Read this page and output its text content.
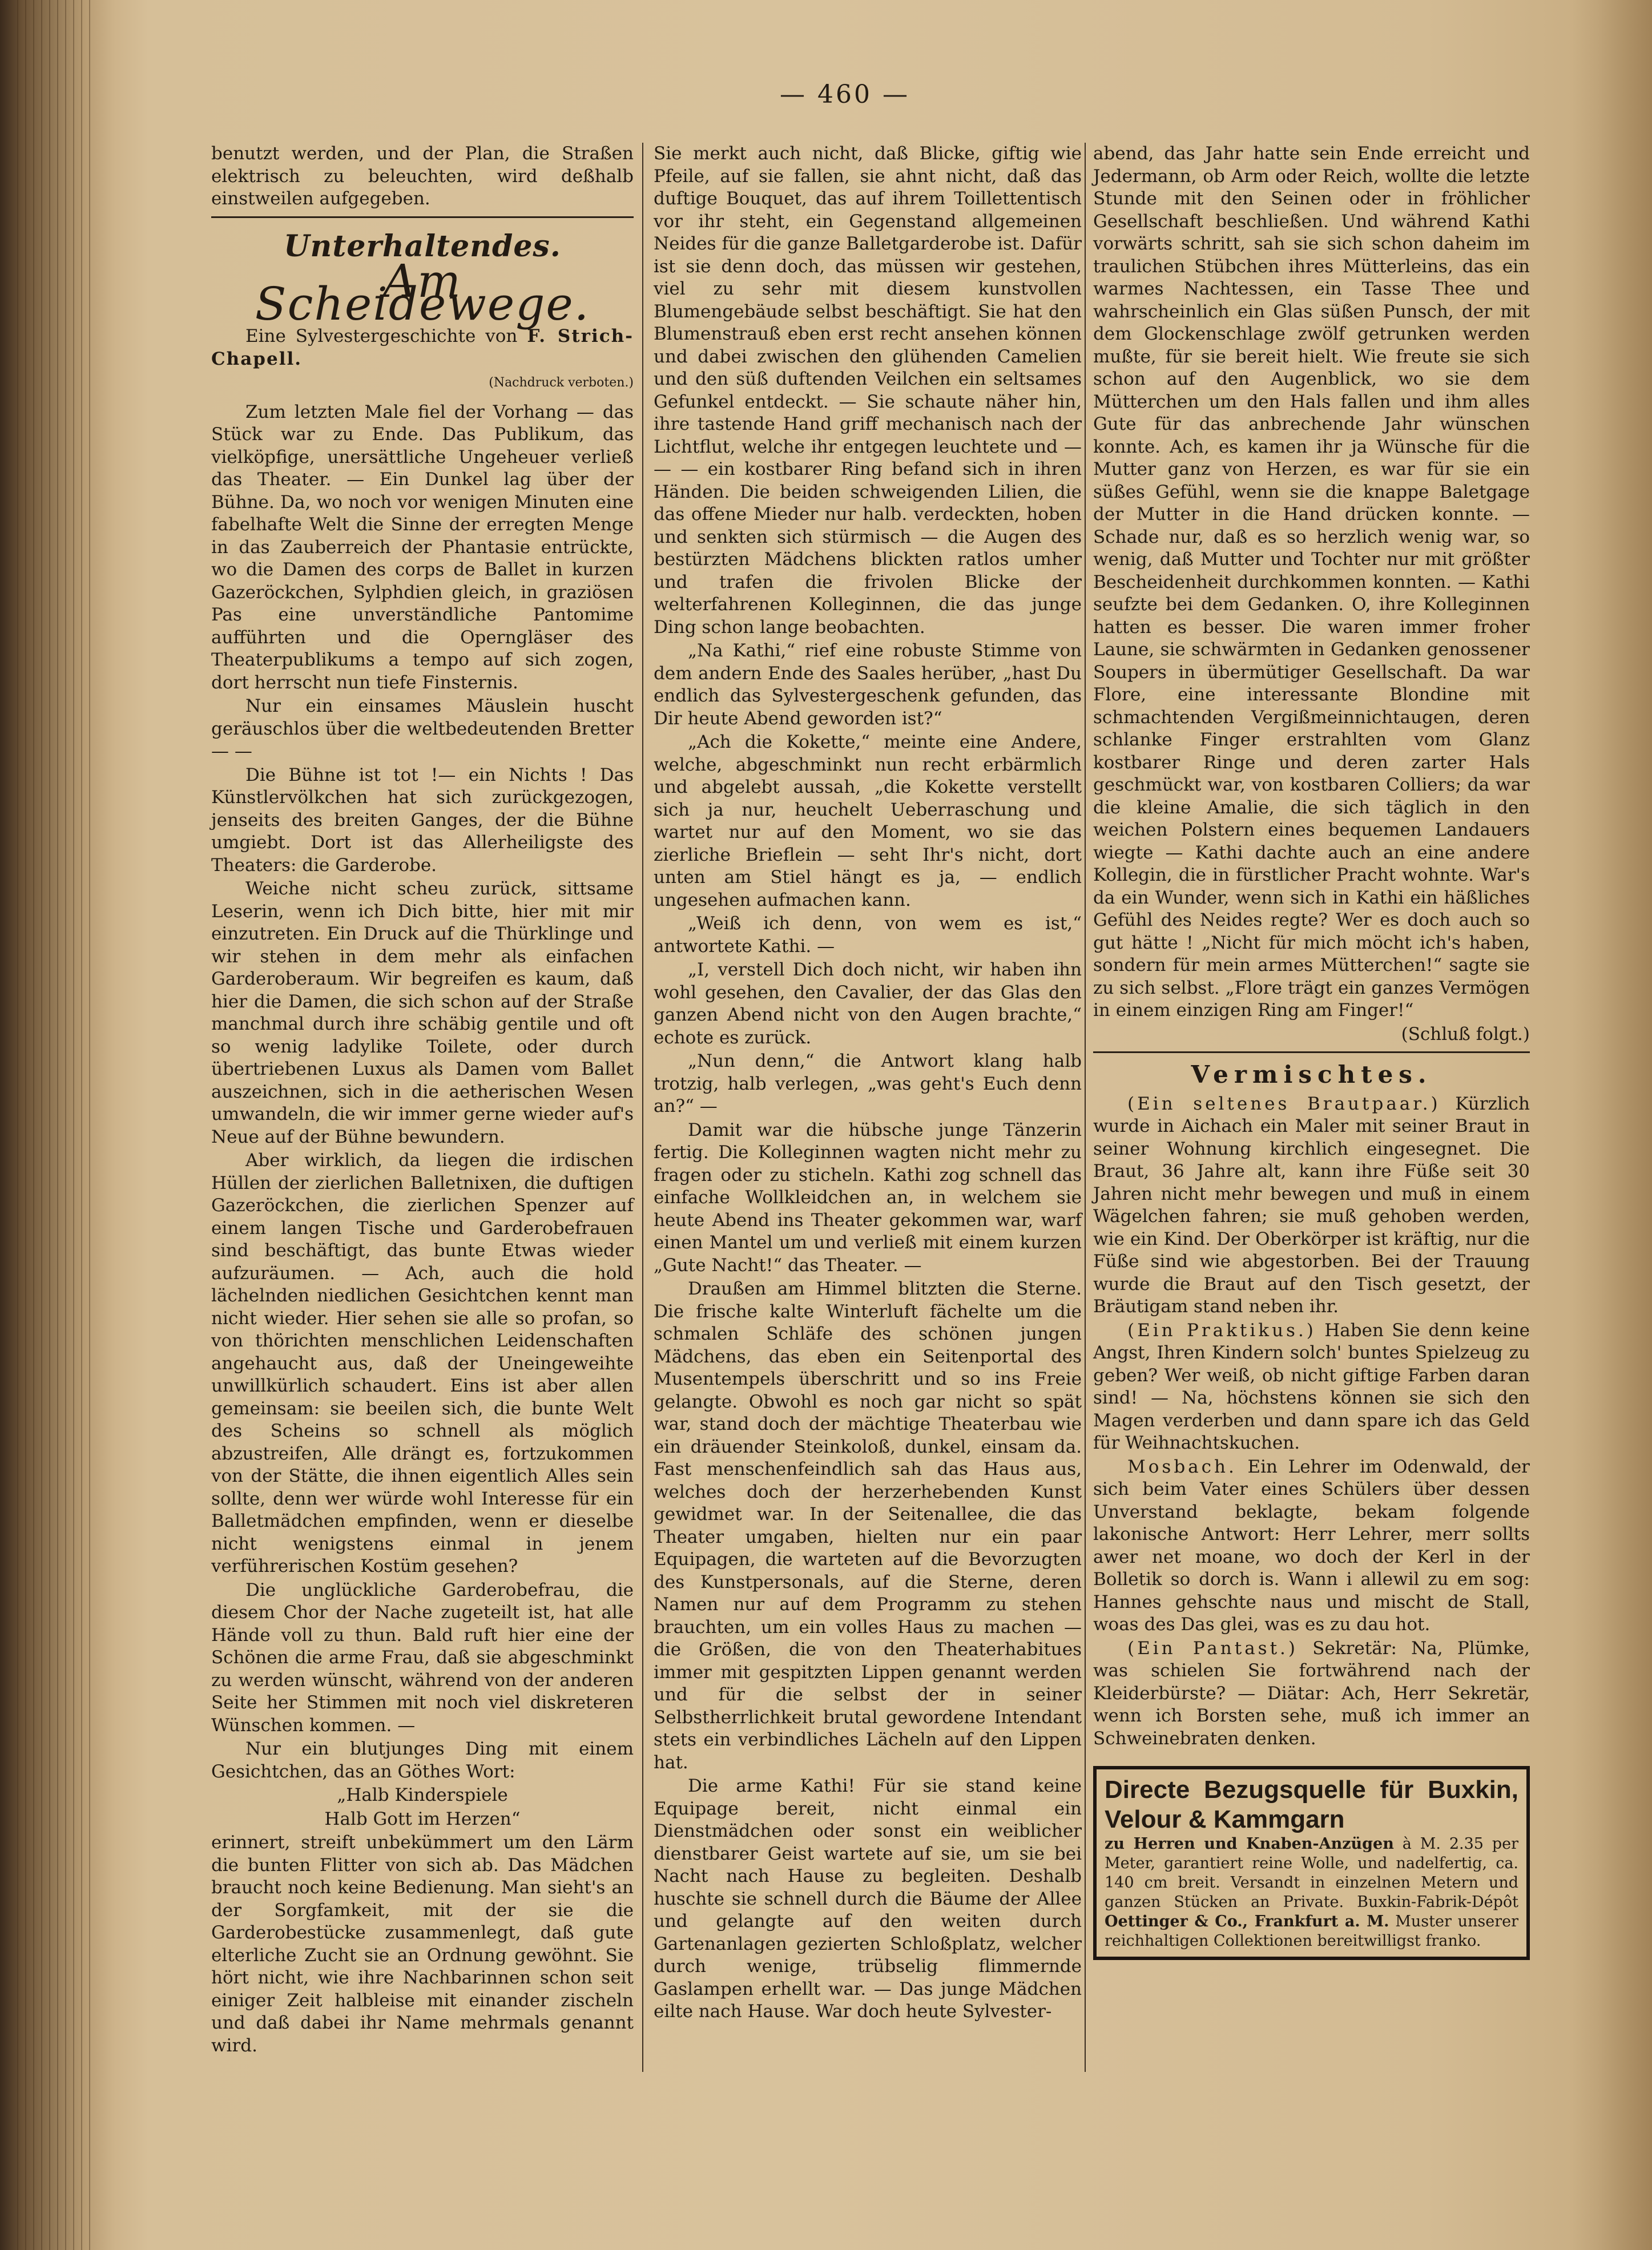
— 460 —

benutzt werden, und der Plan, die Straßen elektrisch zu beleuchten, wird deßhalb einstweilen aufgegeben.

Unterhaltendes.
Am Scheidewege.

Eine Sylvestergeschichte von F. Strich-Chapell.

(Nachdruck verboten.)

Zum letzten Male fiel der Vorhang — das Stück war zu Ende. Das Publikum, das vielköpfige, unersättliche Ungeheuer verließ das Theater. — Ein Dunkel lag über der Bühne. Da, wo noch vor wenigen Minuten eine fabelhafte Welt die Sinne der erregten Menge in das Zauberreich der Phantasie entrückte, wo die Damen des corps de Ballet in kurzen Gazeröckchen, Sylphdien gleich, in graziösen Pas eine unverständliche Pantomime aufführten und die Operngläser des Theaterpublikums a tempo auf sich zogen, dort herrscht nun tiefe Finsternis.

Nur ein einsames Mäuslein huscht geräuschlos über die weltbedeutenden Bretter — —

Die Bühne ist tot !— ein Nichts ! Das Künstlervölkchen hat sich zurückgezogen, jenseits des breiten Ganges, der die Bühne umgiebt. Dort ist das Allerheiligste des Theaters: die Garderobe.

Weiche nicht scheu zurück, sittsame Leserin, wenn ich Dich bitte, hier mit mir einzutreten. Ein Druck auf die Thürklinge und wir stehen in dem mehr als einfachen Garderoberaum. Wir begreifen es kaum, daß hier die Damen, die sich schon auf der Straße manchmal durch ihre schäbig gentile und oft so wenig ladylike Toilete, oder durch übertriebenen Luxus als Damen vom Ballet auszeichnen, sich in die aetherischen Wesen umwandeln, die wir immer gerne wieder auf's Neue auf der Bühne bewundern.

Aber wirklich, da liegen die irdischen Hüllen der zierlichen Balletnixen, die duftigen Gazeröckchen, die zierlichen Spenzer auf einem langen Tische und Garderobefrauen sind beschäftigt, das bunte Etwas wieder aufzuräumen. — Ach, auch die hold lächelnden niedlichen Gesichtchen kennt man nicht wieder. Hier sehen sie alle so profan, so von thörichten menschlichen Leidenschaften angehaucht aus, daß der Uneingeweihte unwillkürlich schaudert. Eins ist aber allen gemeinsam: sie beeilen sich, die bunte Welt des Scheins so schnell als möglich abzustreifen, Alle drängt es, fortzukommen von der Stätte, die ihnen eigentlich Alles sein sollte, denn wer würde wohl Interesse für ein Balletmädchen empfinden, wenn er dieselbe nicht wenigstens einmal in jenem verführerischen Kostüm gesehen?

Die unglückliche Garderobefrau, die diesem Chor der Nache zugeteilt ist, hat alle Hände voll zu thun. Bald ruft hier eine der Schönen die arme Frau, daß sie abgeschminkt zu werden wünscht, während von der anderen Seite her Stimmen mit noch viel diskreteren Wünschen kommen. —

Nur ein blutjunges Ding mit einem Gesichtchen, das an Göthes Wort:

„Halb Kinderspiele

Halb Gott im Herzen“

erinnert, streift unbekümmert um den Lärm die bunten Flitter von sich ab. Das Mädchen braucht noch keine Bedienung. Man sieht's an der Sorgfamkeit, mit der sie die Garderobestücke zusammenlegt, daß gute elterliche Zucht sie an Ordnung gewöhnt. Sie hört nicht, wie ihre Nachbarinnen schon seit einiger Zeit halbleise mit einander zischeln und daß dabei ihr Name mehrmals genannt wird.

Sie merkt auch nicht, daß Blicke, giftig wie Pfeile, auf sie fallen, sie ahnt nicht, daß das duftige Bouquet, das auf ihrem Toillettentisch vor ihr steht, ein Gegenstand allgemeinen Neides für die ganze Balletgarderobe ist. Dafür ist sie denn doch, das müssen wir gestehen, viel zu sehr mit diesem kunstvollen Blumengebäude selbst beschäftigt. Sie hat den Blumenstrauß eben erst recht ansehen können und dabei zwischen den glühenden Camelien und den süß duftenden Veilchen ein seltsames Gefunkel entdeckt. — Sie schaute näher hin, ihre tastende Hand griff mechanisch nach der Lichtflut, welche ihr entgegen leuchtete und — — — ein kostbarer Ring befand sich in ihren Händen. Die beiden schweigenden Lilien, die das offene Mieder nur halb. verdeckten, hoben und senkten sich stürmisch — die Augen des bestürzten Mädchens blickten ratlos umher und trafen die frivolen Blicke der welterfahrenen Kolleginnen, die das junge Ding schon lange beobachten.

„Na Kathi,“ rief eine robuste Stimme von dem andern Ende des Saales herüber, „hast Du endlich das Sylvestergeschenk gefunden, das Dir heute Abend geworden ist?“

„Ach die Kokette,“ meinte eine Andere, welche, abgeschminkt nun recht erbärmlich und abgelebt aussah, „die Kokette verstellt sich ja nur, heuchelt Ueberraschung und wartet nur auf den Moment, wo sie das zierliche Brieflein — seht Ihr's nicht, dort unten am Stiel hängt es ja, — endlich ungesehen aufmachen kann.

„Weiß ich denn, von wem es ist,“ antwortete Kathi. —

„I, verstell Dich doch nicht, wir haben ihn wohl gesehen, den Cavalier, der das Glas den ganzen Abend nicht von den Augen brachte,“ echote es zurück.

„Nun denn,“ die Antwort klang halb trotzig, halb verlegen, „was geht's Euch denn an?“ —

Damit war die hübsche junge Tänzerin fertig. Die Kolleginnen wagten nicht mehr zu fragen oder zu sticheln. Kathi zog schnell das einfache Wollkleidchen an, in welchem sie heute Abend ins Theater gekommen war, warf einen Mantel um und verließ mit einem kurzen „Gute Nacht!“ das Theater. —

Draußen am Himmel blitzten die Sterne. Die frische kalte Winterluft fächelte um die schmalen Schläfe des schönen jungen Mädchens, das eben ein Seitenportal des Musentempels überschritt und so ins Freie gelangte. Obwohl es noch gar nicht so spät war, stand doch der mächtige Theaterbau wie ein dräuender Steinkoloß, dunkel, einsam da. Fast menschenfeindlich sah das Haus aus, welches doch der herzerhebenden Kunst gewidmet war. In der Seitenallee, die das Theater umgaben, hielten nur ein paar Equipagen, die warteten auf die Bevorzugten des Kunstpersonals, auf die Sterne, deren Namen nur auf dem Programm zu stehen brauchten, um ein volles Haus zu machen — die Größen, die von den Theaterhabitues immer mit gespitzten Lippen genannt werden und für die selbst der in seiner Selbstherrlichkeit brutal gewordene Intendant stets ein verbindliches Lächeln auf den Lippen hat.

Die arme Kathi! Für sie stand keine Equipage bereit, nicht einmal ein Dienstmädchen oder sonst ein weiblicher dienstbarer Geist wartete auf sie, um sie bei Nacht nach Hause zu begleiten. Deshalb huschte sie schnell durch die Bäume der Allee und gelangte auf den weiten durch Gartenanlagen gezierten Schloßplatz, welcher durch wenige, trübselig flimmernde Gaslampen erhellt war. — Das junge Mädchen eilte nach Hause. War doch heute Sylvester-

abend, das Jahr hatte sein Ende erreicht und Jedermann, ob Arm oder Reich, wollte die letzte Stunde mit den Seinen oder in fröhlicher Gesellschaft beschließen. Und während Kathi vorwärts schritt, sah sie sich schon daheim im traulichen Stübchen ihres Mütterleins, das ein warmes Nachtessen, ein Tasse Thee und wahrscheinlich ein Glas süßen Punsch, der mit dem Glockenschlage zwölf getrunken werden mußte, für sie bereit hielt. Wie freute sie sich schon auf den Augenblick, wo sie dem Mütterchen um den Hals fallen und ihm alles Gute für das anbrechende Jahr wünschen konnte. Ach, es kamen ihr ja Wünsche für die Mutter ganz von Herzen, es war für sie ein süßes Gefühl, wenn sie die knappe Baletgage der Mutter in die Hand drücken konnte. — Schade nur, daß es so herzlich wenig war, so wenig, daß Mutter und Tochter nur mit größter Bescheidenheit durchkommen konnten. — Kathi seufzte bei dem Gedanken. O, ihre Kolleginnen hatten es besser. Die waren immer froher Laune, sie schwärmten in Gedanken genossener Soupers in übermütiger Gesellschaft. Da war Flore, eine interessante Blondine mit schmachtenden Vergißmeinnichtaugen, deren schlanke Finger erstrahlten vom Glanz kostbarer Ringe und deren zarter Hals geschmückt war, von kostbaren Colliers; da war die kleine Amalie, die sich täglich in den weichen Polstern eines bequemen Landauers wiegte — Kathi dachte auch an eine andere Kollegin, die in fürstlicher Pracht wohnte. War's da ein Wunder, wenn sich in Kathi ein häßliches Gefühl des Neides regte? Wer es doch auch so gut hätte ! „Nicht für mich möcht ich's haben, sondern für mein armes Mütterchen!“ sagte sie zu sich selbst. „Flore trägt ein ganzes Vermögen in einem einzigen Ring am Finger!“

(Schluß folgt.)

Vermischtes.

(Ein seltenes Brautpaar.) Kürzlich wurde in Aichach ein Maler mit seiner Braut in seiner Wohnung kirchlich eingesegnet. Die Braut, 36 Jahre alt, kann ihre Füße seit 30 Jahren nicht mehr bewegen und muß in einem Wägelchen fahren; sie muß gehoben werden, wie ein Kind. Der Oberkörper ist kräftig, nur die Füße sind wie abgestorben. Bei der Trauung wurde die Braut auf den Tisch gesetzt, der Bräutigam stand neben ihr.

(Ein Praktikus.) Haben Sie denn keine Angst, Ihren Kindern solch' buntes Spielzeug zu geben? Wer weiß, ob nicht giftige Farben daran sind! — Na, höchstens können sie sich den Magen verderben und dann spare ich das Geld für Weihnachtskuchen.

Mosbach. Ein Lehrer im Odenwald, der sich beim Vater eines Schülers über dessen Unverstand beklagte, bekam folgende lakonische Antwort: Herr Lehrer, merr sollts awer net moane, wo doch der Kerl in der Bolletik so dorch is. Wann i allewil zu em sog: Hannes gehschte naus und mischt de Stall, woas des Das glei, was es zu dau hot.

(Ein Pantast.) Sekretär: Na, Plümke, was schielen Sie fortwährend nach der Kleiderbürste? — Diätar: Ach, Herr Sekretär, wenn ich Borsten sehe, muß ich immer an Schweinebraten denken.

Directe Bezugsquelle für Buxkin, Velour & Kammgarn
zu Herren und Knaben-Anzügen à M. 2.35 per Meter, garantiert reine Wolle, und nadelfertig, ca. 140 cm breit. Versandt in einzelnen Metern und ganzen Stücken an Private. Buxkin-Fabrik-Dépôt Oettinger & Co., Frankfurt a. M. Muster unserer reichhaltigen Collektionen bereitwilligst franko.
